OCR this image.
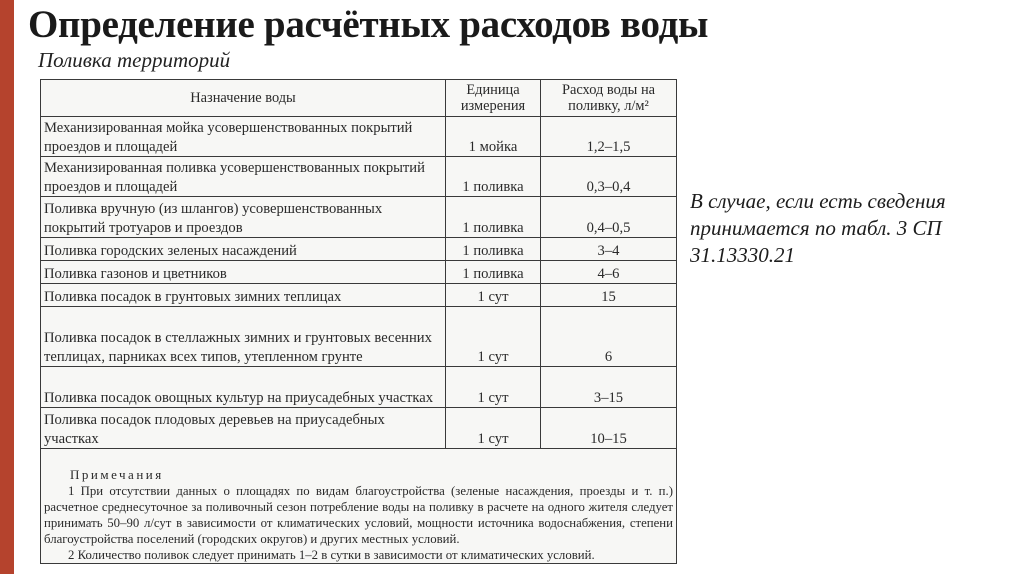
Определение расчётных расходов воды
Поливка территорий
Назначение воды	Единица измерения	Расход воды на поливку, л/м²
Механизированная мойка усовершенствованных покрытий проездов и площадей	1 мойка	1,2–1,5
Механизированная поливка усовершенствованных покрытий проездов и площадей	1 поливка	0,3–0,4
Поливка вручную (из шлангов) усовершенствованных покрытий тротуаров и проездов	1 поливка	0,4–0,5
Поливка городских зеленых насаждений	1 поливка	3–4
Поливка газонов и цветников	1 поливка	4–6
Поливка посадок в грунтовых зимних теплицах	1 сут	15
Поливка посадок в стеллажных зимних и грунтовых весенних теплицах, парниках всех типов, утепленном грунте	1 сут	6
Поливка посадок овощных культур на приусадебных участках	1 сут	3–15
Поливка посадок плодовых деревьев на приусадебных участках	1 сут	10–15

Примечания

1 При отсутствии данных о площадях по видам благоустройства (зеленые насаждения, проезды и т. п.) расчетное среднесуточное за поливочный сезон потребление воды на поливку в расчете на одного жителя следует принимать 50–90 л/сут в зависимости от климатических условий, мощности источника водоснабжения, степени благоустройства поселений (городских округов) и других местных условий.

2 Количество поливок следует принимать 1–2 в сутки в зависимости от климатических условий.		

В случае, если есть сведения принимается по табл. 3 СП 31.13330.21
